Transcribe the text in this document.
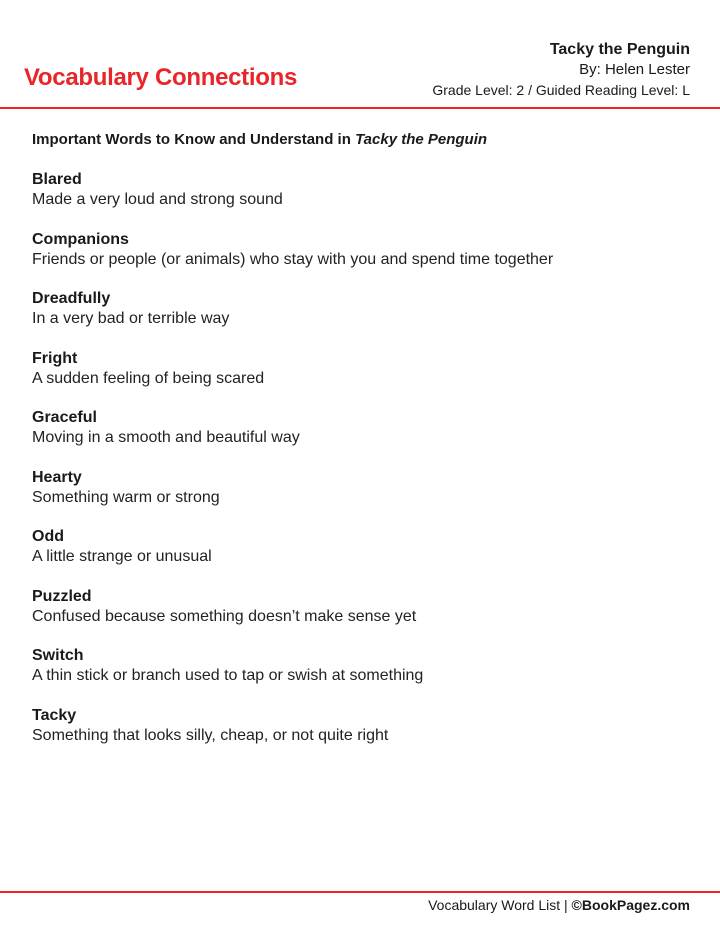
Vocabulary Connections
Tacky the Penguin
By: Helen Lester
Grade Level: 2 / Guided Reading Level: L
Important Words to Know and Understand in Tacky the Penguin
Blared
Made a very loud and strong sound
Companions
Friends or people (or animals) who stay with you and spend time together
Dreadfully
In a very bad or terrible way
Fright
A sudden feeling of being scared
Graceful
Moving in a smooth and beautiful way
Hearty
Something warm or strong
Odd
A little strange or unusual
Puzzled
Confused because something doesn’t make sense yet
Switch
A thin stick or branch used to tap or swish at something
Tacky
Something that looks silly, cheap, or not quite right
Vocabulary Word List | ©BookPagez.com
